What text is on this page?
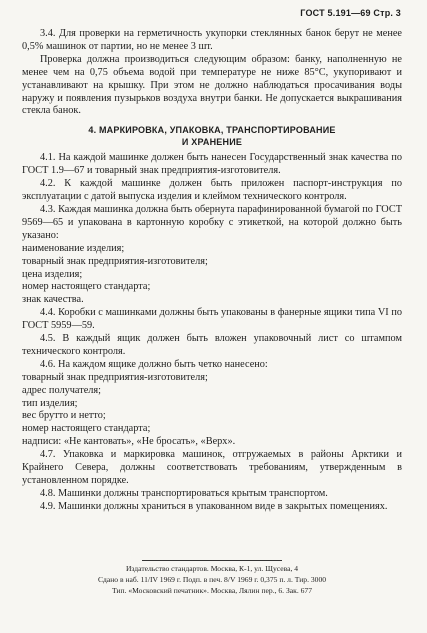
ГОСТ 5.191—69 Стр. 3

3.4. Для проверки на герметичность укупорки стеклянных банок берут не менее 0,5% машинок от партии, но не менее 3 шт.

Проверка должна производиться следующим образом: банку, наполненную не менее чем на 0,75 объема водой при температуре не ниже 85°С, укупоривают и устанавливают на крышку. При этом не должно наблюдаться просачивания воды наружу и появления пузырьков воздуха внутри банки. Не допускается выкрашивания стекла банок.

4. МАРКИРОВКА, УПАКОВКА, ТРАНСПОРТИРОВАНИЕ
И ХРАНЕНИЕ

4.1. На каждой машинке должен быть нанесен Государственный знак качества по ГОСТ 1.9—67 и товарный знак предприятия-изготовителя.

4.2. К каждой машинке должен быть приложен паспорт-инструкция по эксплуатации с датой выпуска изделия и клеймом технического контроля.

4.3. Каждая машинка должна быть обернута парафинированной бумагой по ГОСТ 9569—65 и упакована в картонную коробку с этикеткой, на которой должно быть указано:

наименование изделия;

товарный знак предприятия-изготовителя;

цена изделия;

номер настоящего стандарта;

знак качества.

4.4. Коробки с машинками должны быть упакованы в фанерные ящики типа VI по ГОСТ 5959—59.

4.5. В каждый ящик должен быть вложен упаковочный лист со штампом технического контроля.

4.6. На каждом ящике должно быть четко нанесено:

товарный знак предприятия-изготовителя;

адрес получателя;

тип изделия;

вес брутто и нетто;

номер настоящего стандарта;

надписи: «Не кантовать», «Не бросать», «Верх».

4.7. Упаковка и маркировка машинок, отгружаемых в районы Арктики и Крайнего Севера, должны соответствовать требованиям, утвержденным в установленном порядке.

4.8. Машинки должны транспортироваться крытым транспортом.

4.9. Машинки должны храниться в упакованном виде в закрытых помещениях.

Издательство стандартов. Москва, К-1, ул. Щусева, 4
Сдано в наб. 11/IV 1969 г. Подп. в печ. 8/V 1969 г. 0,375 п. л. Тир. 3000
Тип. «Московский печатник». Москва, Лялин пер., 6. Зак. 677
